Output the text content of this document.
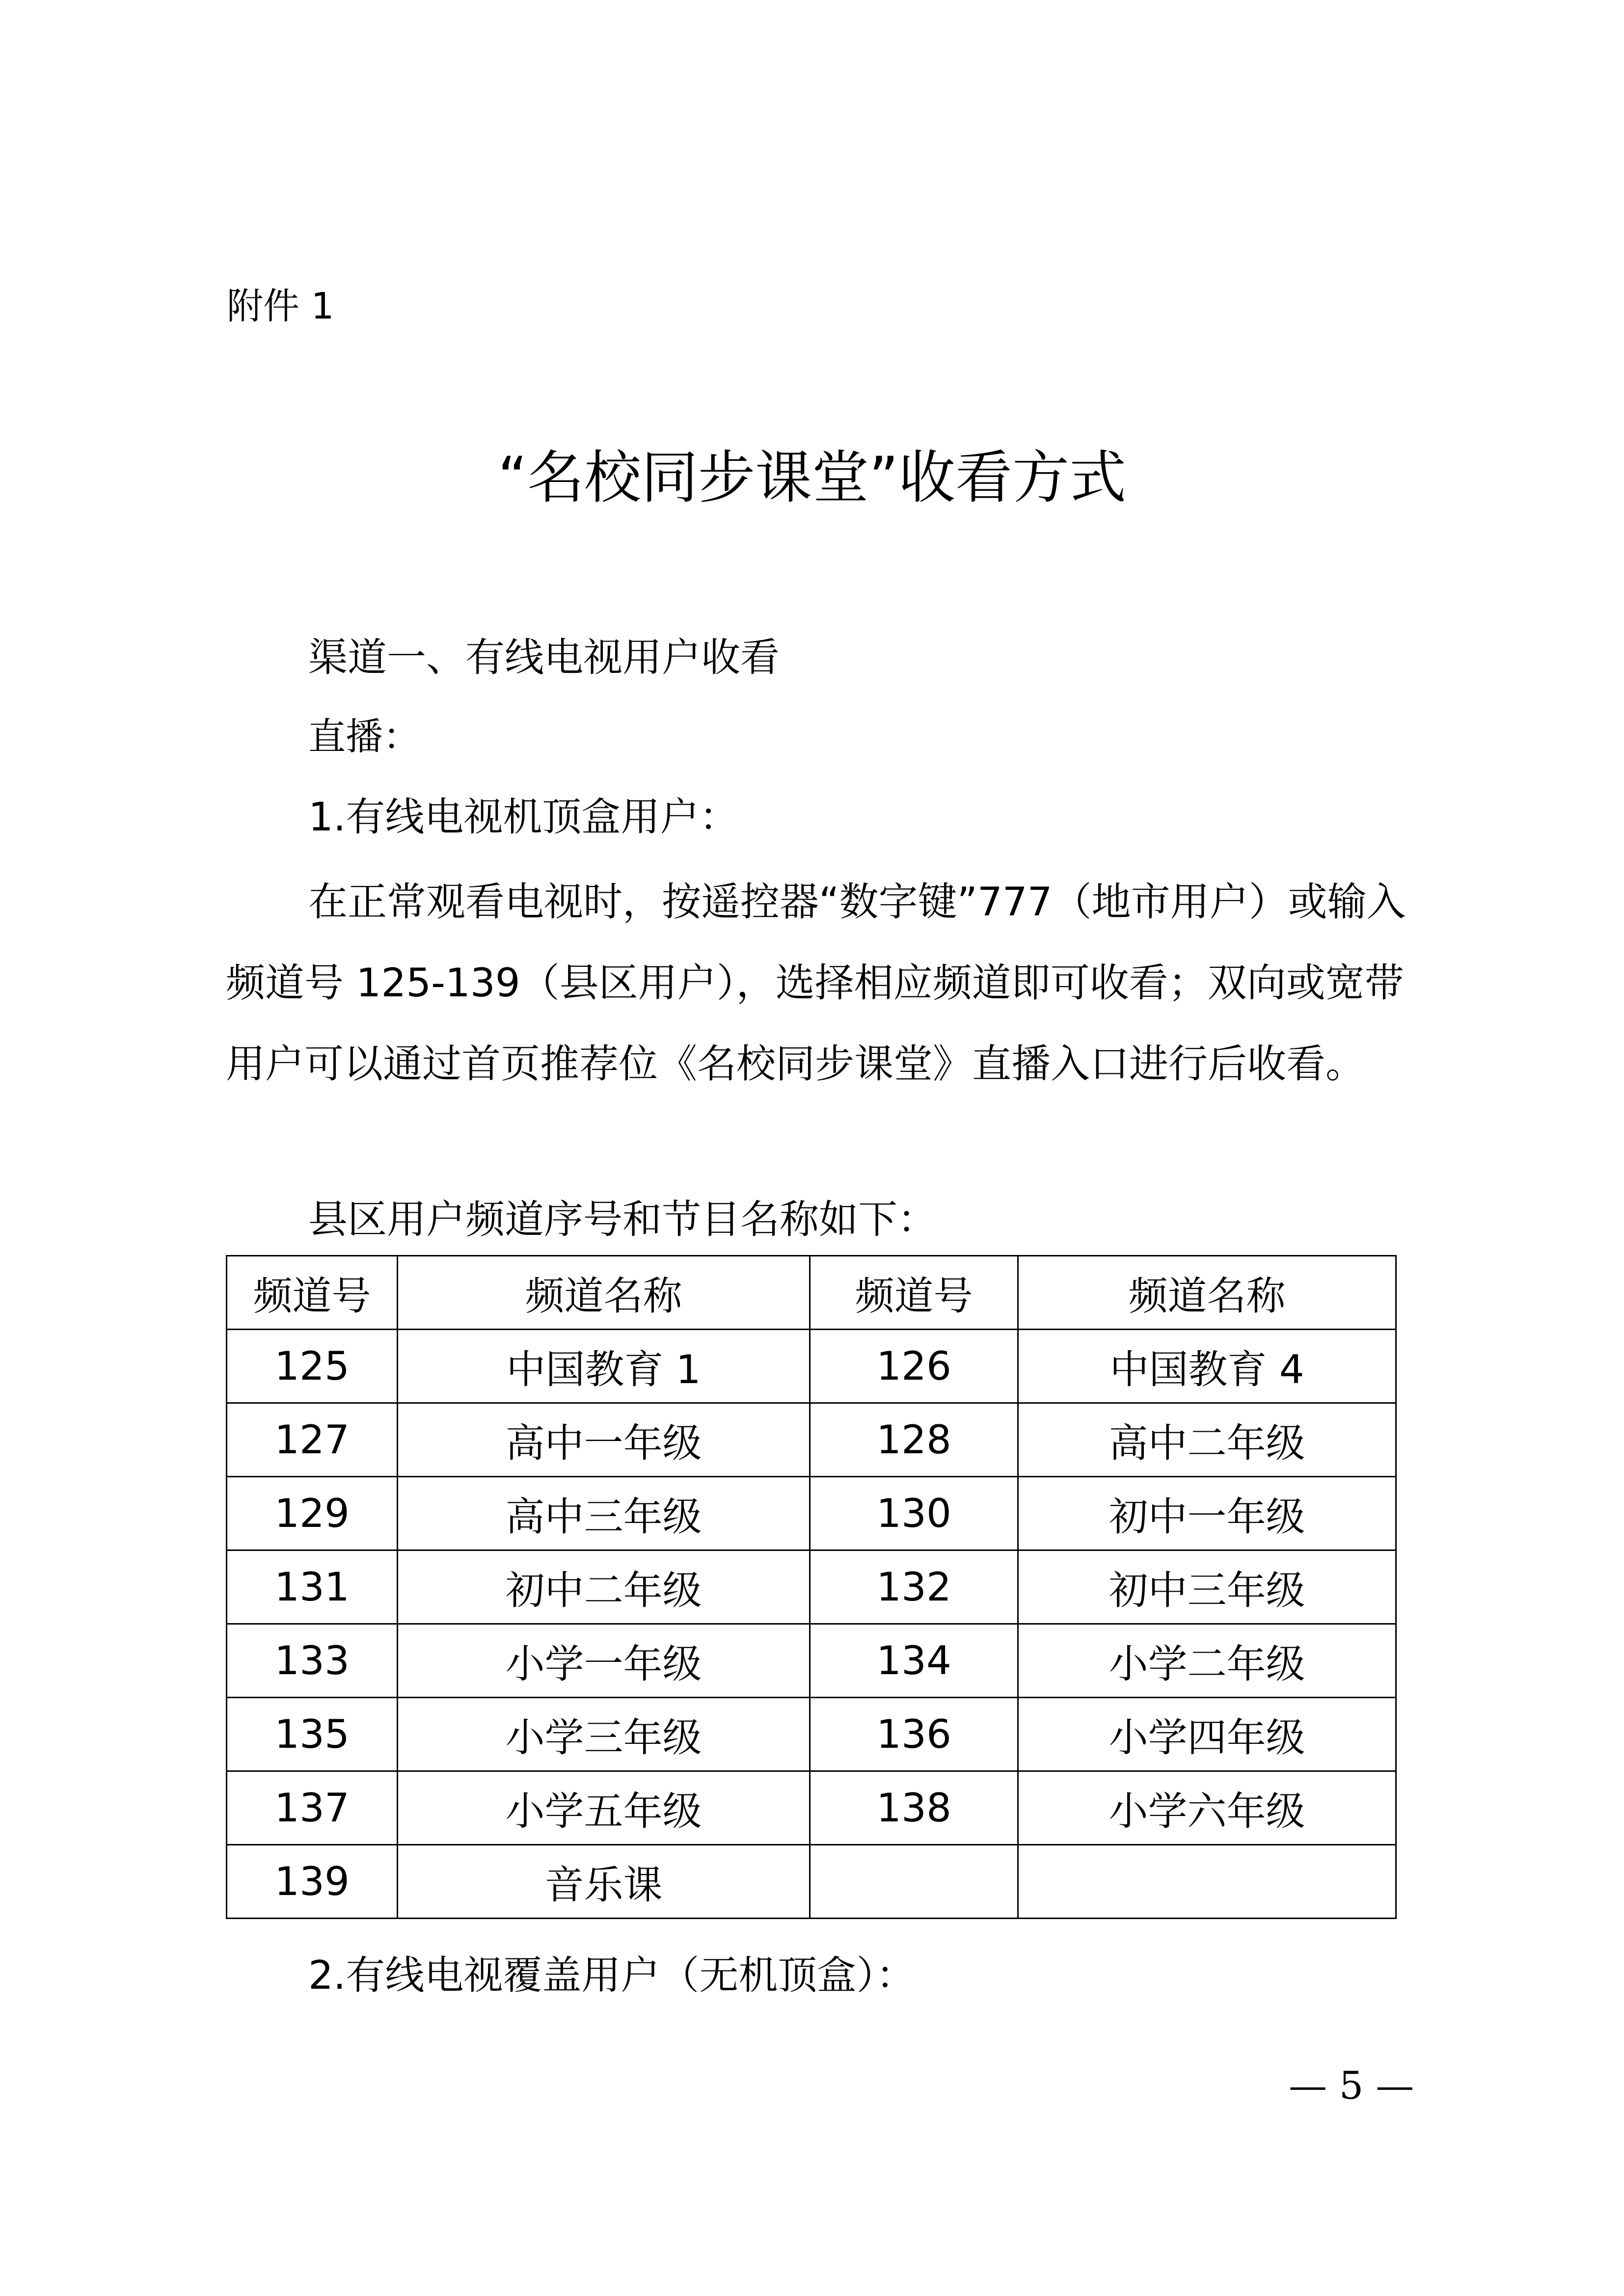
附件 1
“名校同步课堂”收看方式
渠道一、有线电视用户收看
直播：
1.有线电视机顶盒用户：
在正常观看电视时，按遥控器“数字键”777（地市用户）或输入频道号 125-139（县区用户），选择相应频道即可收看；双向或宽带用户可以通过首页推荐位《名校同步课堂》直播入口进行后收看。
县区用户频道序号和节目名称如下：
频道号	频道名称	频道号	频道名称
125	中国教育 1	126	中国教育 4
127	高中一年级	128	高中二年级
129	高中三年级	130	初中一年级
131	初中二年级	132	初中三年级
133	小学一年级	134	小学二年级
135	小学三年级	136	小学四年级
137	小学五年级	138	小学六年级
139	音乐课		
2.有线电视覆盖用户（无机顶盒）：
— 5 —
